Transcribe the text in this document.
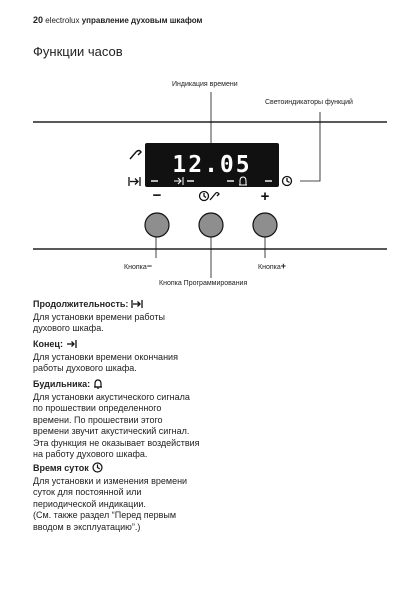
20 electrolux управление духовым шкафом
Функции часов
12.05
−	+
Индикация времени
Светоиндикаторы функций
Кнопка−
Кнопка Программирования
Кнопка+
Продолжительность:
Для установки времени работы
духового шкафа.
Конец:
Для установки времени окончания
работы духового шкафа.
Будильника:
Для установки акустического сигнала
по прошествии определенного
времени. По прошествии этого
времени звучит акустический сигнал.
Эта функция не оказывает воздействия
на работу духового шкафа.
Время суток
Для установки и изменения времени
суток для постоянной или
периодической индикации.
(См. также раздел “Перед первым
вводом в эксплуатацию”.)
